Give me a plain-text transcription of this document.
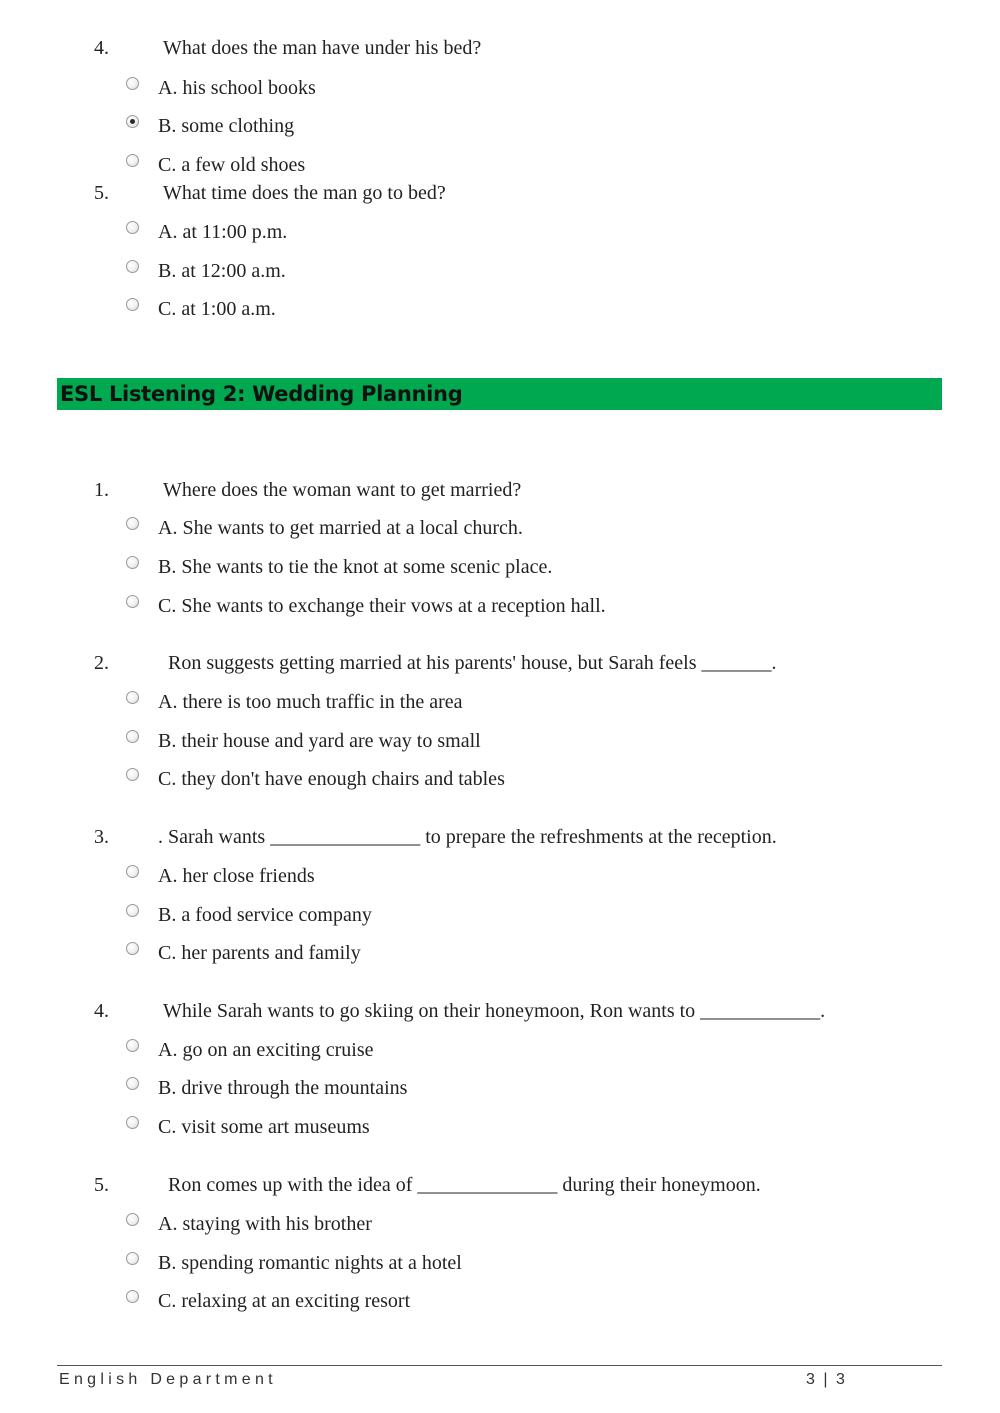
4.	What does the man have under his bed?
A. his school books
B. some clothing
C. a few old shoes
5.	What time does the man go to bed?
A. at 11:00 p.m.
B. at 12:00 a.m.
C. at 1:00 a.m.
ESL Listening 2: Wedding Planning
1.	Where does the woman want to get married?
A. She wants to get married at a local church.
B. She wants to tie the knot at some scenic place.
C. She wants to exchange their vows at a reception hall.
2.	Ron suggests getting married at his parents' house, but Sarah feels _______.
A. there is too much traffic in the area
B. their house and yard are way to small
C. they don't have enough chairs and tables
3. . Sarah wants _______________ to prepare the refreshments at the reception.
A. her close friends
B. a food service company
C. her parents and family
4.	While Sarah wants to go skiing on their honeymoon, Ron wants to ____________.
A. go on an exciting cruise
B. drive through the mountains
C. visit some art museums
5.	Ron comes up with the idea of ______________ during their honeymoon.
A. staying with his brother
B. spending romantic nights at a hotel
C. relaxing at an exciting resort
English Department	3 | 3
